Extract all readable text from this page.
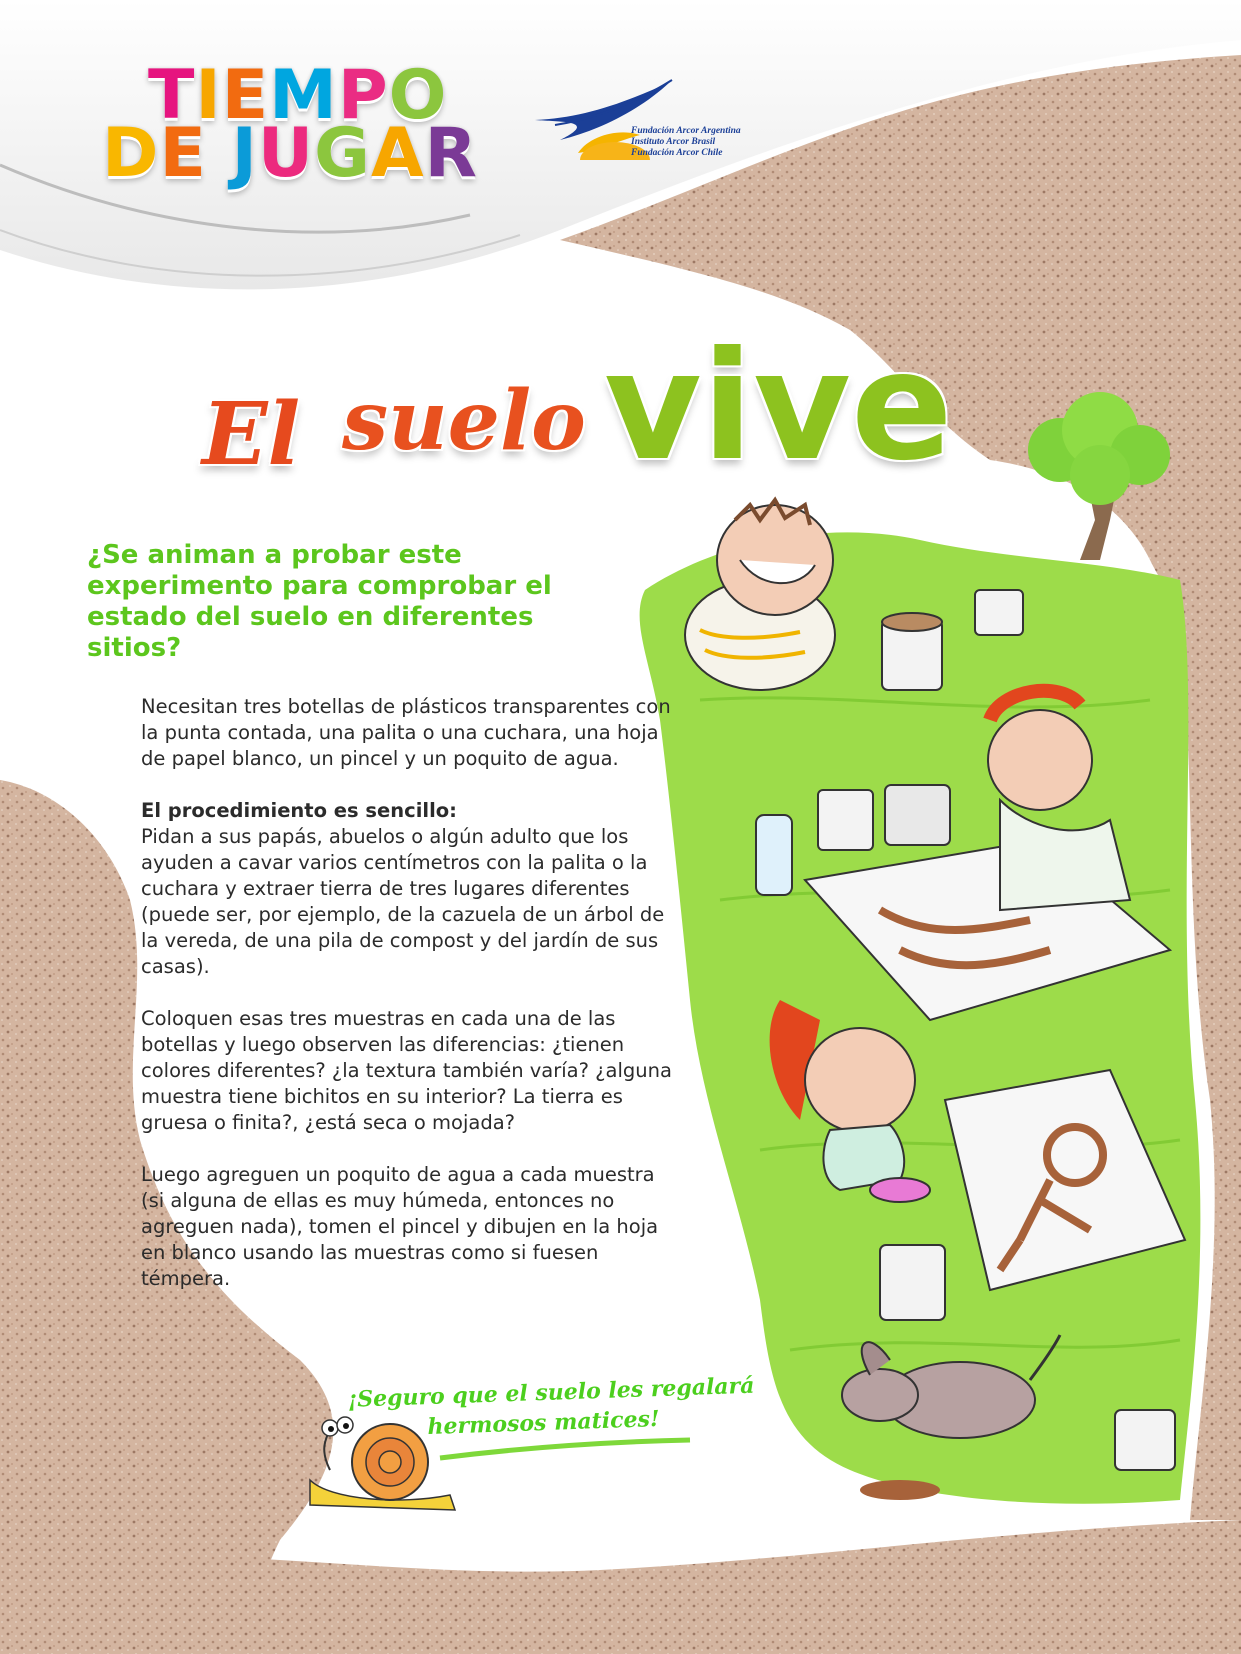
TIEMPO
DE JUGAR	Fundación Arcor Argentina
Instituto Arcor Brasil
Fundación Arcor Chile
El suelo vive
¿Se animan a probar este experimento para comprobar el estado del suelo en diferentes sitios?

Necesitan tres botellas de plásticos transparentes con la punta contada, una palita o una cuchara, una hoja de papel blanco, un pincel y un poquito de agua.

El procedimiento es sencillo:
Pidan a sus papás, abuelos o algún adulto que los ayuden a cavar varios centímetros con la palita o la cuchara y extraer tierra de tres lugares diferentes (puede ser, por ejemplo, de la cazuela de un árbol de la vereda, de una pila de compost y del jardín de sus casas).

Coloquen esas tres muestras en cada una de las botellas y luego observen las diferencias: ¿tienen colores diferentes? ¿la textura también varía? ¿alguna muestra tiene bichitos en su interior? La tierra es gruesa o finita?, ¿está seca o mojada?

Luego agreguen un poquito de agua a cada muestra (si alguna de ellas es muy húmeda, entonces no agreguen nada), tomen el pincel y dibujen en la hoja en blanco usando las muestras como si fuesen témpera.

¡Seguro que el suelo les regalará
hermosos matices!
